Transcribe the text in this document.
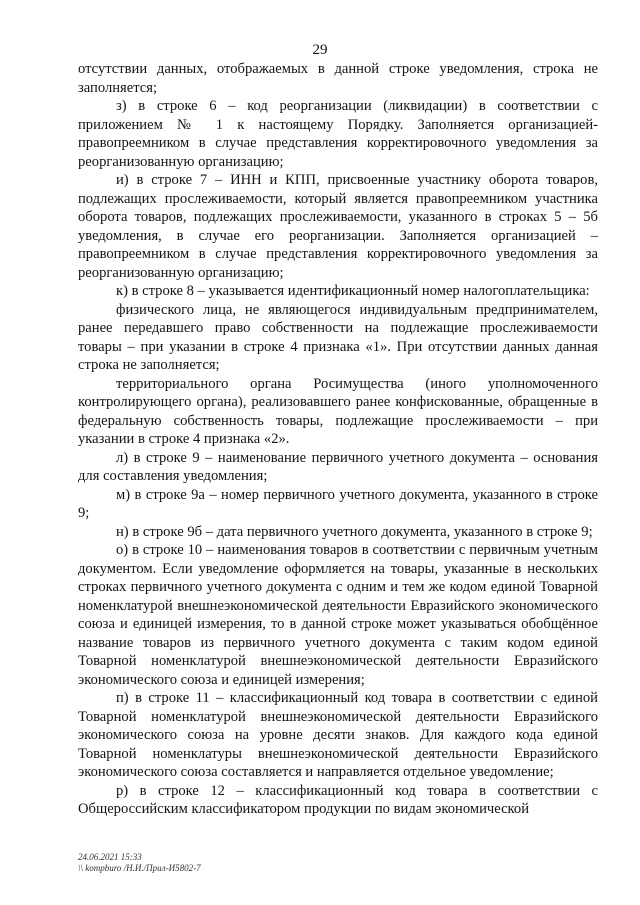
29

отсутствии данных, отображаемых в данной строке уведомления, строка не заполняется;

з) в строке 6 – код реорганизации (ликвидации) в соответствии с приложением № 1 к настоящему Порядку. Заполняется организацией-правопреемником в случае представления корректировочного уведомления за реорганизованную организацию;

и) в строке 7 – ИНН и КПП, присвоенные участнику оборота товаров, подлежащих прослеживаемости, который является правопреемником участника оборота товаров, подлежащих прослеживаемости, указанного в строках 5 – 5б уведомления, в случае его реорганизации. Заполняется организацией – правопреемником в случае представления корректировочного уведомления за реорганизованную организацию;

к) в строке 8 – указывается идентификационный номер налогоплательщика:

физического лица, не являющегося индивидуальным предпринимателем, ранее передавшего право собственности на подлежащие прослеживаемости товары – при указании в строке 4 признака «1». При отсутствии данных данная строка не заполняется;

территориального органа Росимущества (иного уполномоченного контролирующего органа), реализовавшего ранее конфискованные, обращенные в федеральную собственность товары, подлежащие прослеживаемости – при указании в строке 4 признака «2».

л) в строке 9 – наименование первичного учетного документа – основания для составления уведомления;

м) в строке 9а – номер первичного учетного документа, указанного в строке 9;

н) в строке 9б – дата первичного учетного документа, указанного в строке 9;

о) в строке 10 – наименования товаров в соответствии с первичным учетным документом. Если уведомление оформляется на товары, указанные в нескольких строках первичного учетного документа с одним и тем же кодом единой Товарной номенклатурой внешнеэкономической деятельности Евразийского экономического союза и единицей измерения, то в данной строке может указываться обобщённое название товаров из первичного учетного документа с таким кодом единой Товарной номенклатурой внешнеэкономической деятельности Евразийского экономического союза и единицей измерения;

п) в строке 11 – классификационный код товара в соответствии с единой Товарной номенклатурой внешнеэкономической деятельности Евразийского экономического союза на уровне десяти знаков. Для каждого кода единой Товарной номенклатуры внешнеэкономической деятельности Евразийского экономического союза составляется и направляется отдельное уведомление;

р) в строке 12 – классификационный код товара в соответствии с Общероссийским классификатором продукции по видам экономической

24.06.2021 15:33
\\ kompburo /Н.И./Прил-И5802-7
